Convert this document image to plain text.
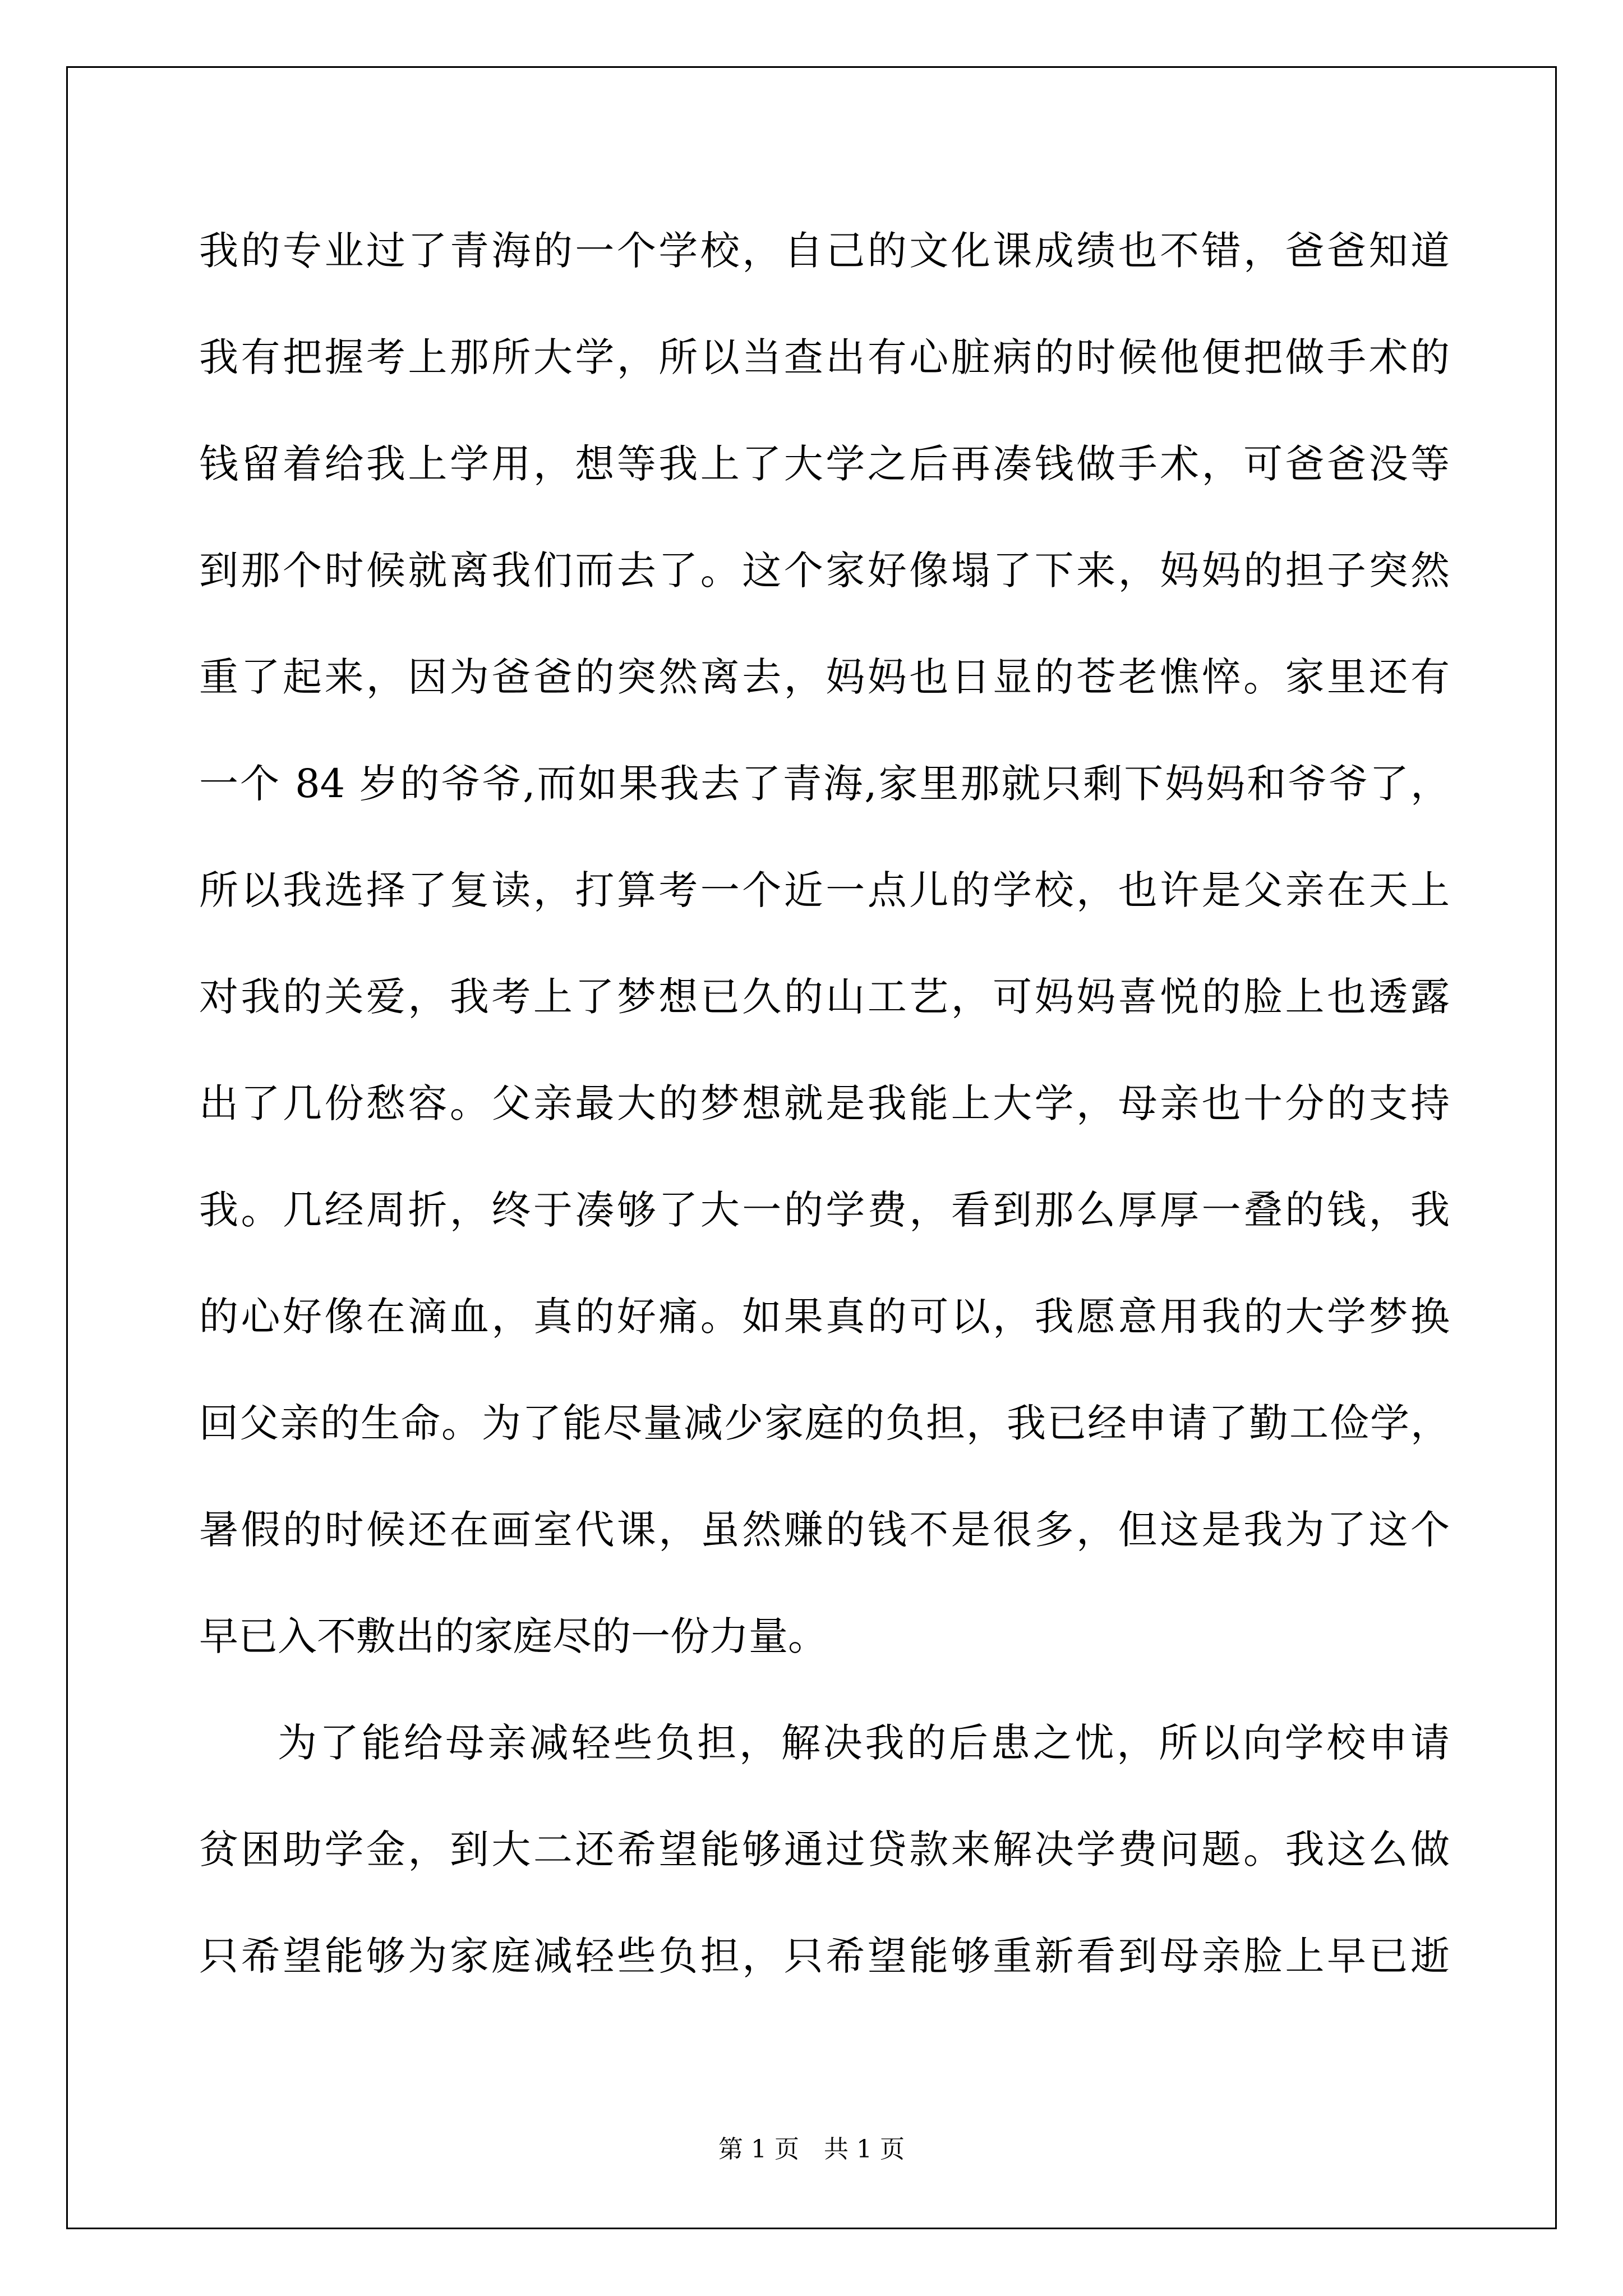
我的专业过了青海的一个学校，自己的文化课成绩也不错，爸爸知道
我有把握考上那所大学，所以当查出有心脏病的时候他便把做手术的
钱留着给我上学用，想等我上了大学之后再凑钱做手术，可爸爸没等
到那个时候就离我们而去了。这个家好像塌了下来，妈妈的担子突然
重了起来，因为爸爸的突然离去，妈妈也日显的苍老憔悴。家里还有
一个 84 岁的爷爷,而如果我去了青海,家里那就只剩下妈妈和爷爷了，
所以我选择了复读，打算考一个近一点儿的学校，也许是父亲在天上
对我的关爱，我考上了梦想已久的山工艺，可妈妈喜悦的脸上也透露
出了几份愁容。父亲最大的梦想就是我能上大学，母亲也十分的支持
我。几经周折，终于凑够了大一的学费，看到那么厚厚一叠的钱，我
的心好像在滴血，真的好痛。如果真的可以，我愿意用我的大学梦换
回父亲的生命。为了能尽量减少家庭的负担，我已经申请了勤工俭学，
暑假的时候还在画室代课，虽然赚的钱不是很多，但这是我为了这个
早已入不敷出的家庭尽的一份力量。
为了能给母亲减轻些负担，解决我的后患之忧，所以向学校申请
贫困助学金，到大二还希望能够通过贷款来解决学费问题。我这么做
只希望能够为家庭减轻些负担，只希望能够重新看到母亲脸上早已逝
第 1 页　共 1 页
